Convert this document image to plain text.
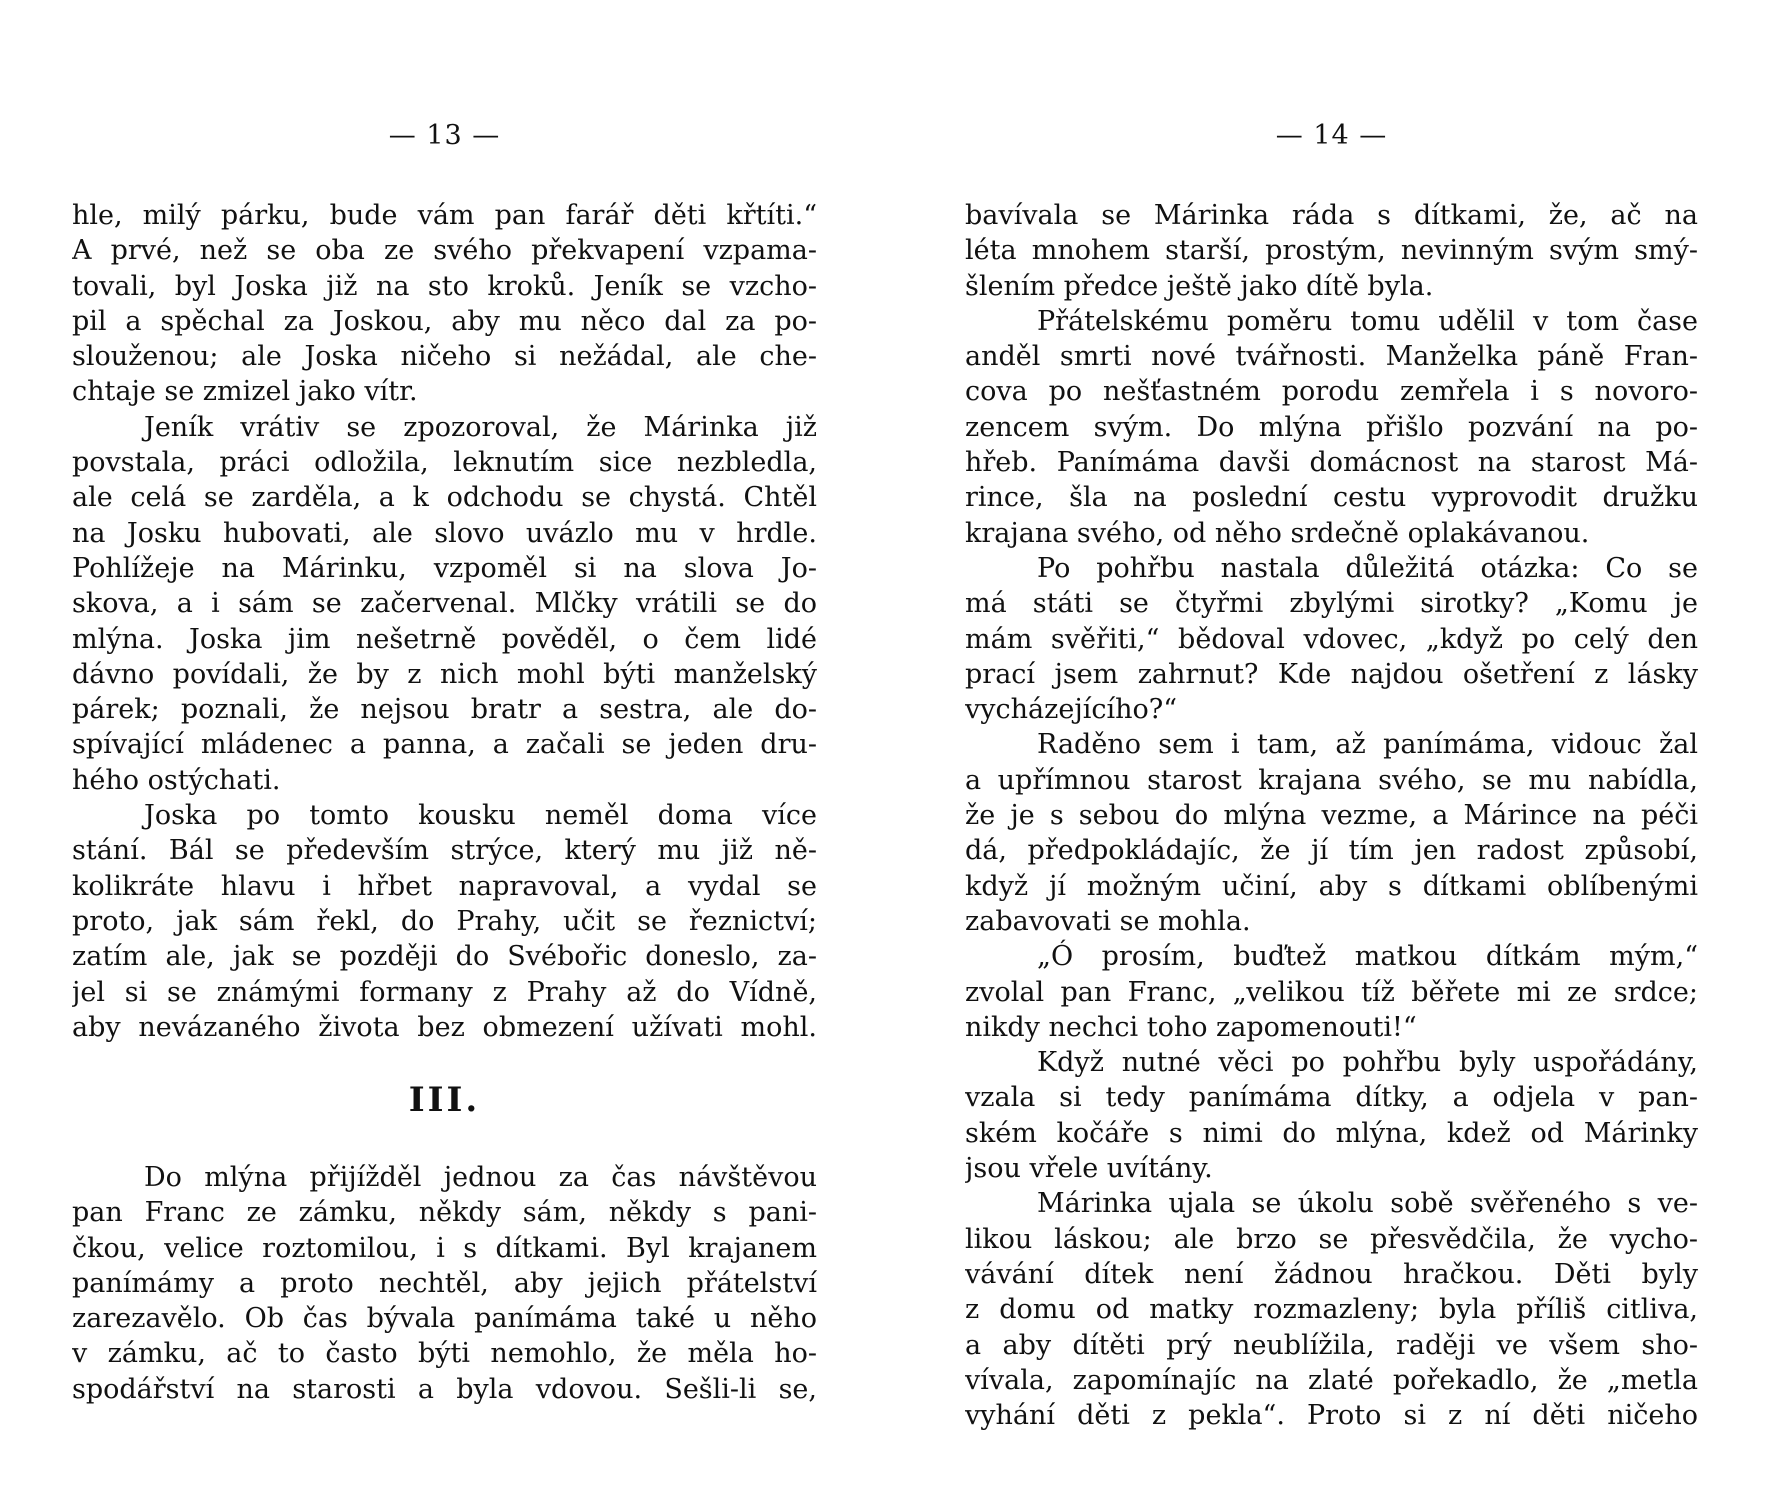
— 13 —
hle, milý párku, bude vám pan farář děti křtíti.“
A prvé, než se oba ze svého překvapení vzpama-
tovali, byl Joska již na sto kroků. Jeník se vzcho-
pil a spěchal za Joskou, aby mu něco dal za po-
slouženou; ale Joska ničeho si nežádal, ale che-
chtaje se zmizel jako vítr.
Jeník vrátiv se zpozoroval, že Márinka již
povstala, práci odložila, leknutím sice nezbledla,
ale celá se zarděla, a k odchodu se chystá. Chtěl
na Josku hubovati, ale slovo uvázlo mu v hrdle.
Pohlížeje na Márinku, vzpoměl si na slova Jo-
skova, a i sám se začervenal. Mlčky vrátili se do
mlýna. Joska jim nešetrně pověděl, o čem lidé
dávno povídali, že by z nich mohl býti manželský
párek; poznali, že nejsou bratr a sestra, ale do-
spívající mládenec a panna, a začali se jeden dru-
hého ostýchati.
Joska po tomto kousku neměl doma více
stání. Bál se především strýce, který mu již ně-
kolikráte hlavu i hřbet napravoval, a vydal se
proto, jak sám řekl, do Prahy, učit se řeznictví;
zatím ale, jak se později do Svébořic doneslo, za-
jel si se známými formany z Prahy až do Vídně,
aby nevázaného života bez obmezení užívati mohl.
III.
Do mlýna přijížděl jednou za čas návštěvou
pan Franc ze zámku, někdy sám, někdy s pani-
čkou, velice roztomilou, i s dítkami. Byl krajanem
panímámy a proto nechtěl, aby jejich přátelství
zarezavělo. Ob čas bývala panímáma také u něho
v zámku, ač to často býti nemohlo, že měla ho-
spodářství na starosti a byla vdovou. Sešli-li se,
— 14 —
bavívala se Márinka ráda s dítkami, že, ač na
léta mnohem starší, prostým, nevinným svým smý-
šlením předce ještě jako dítě byla.
Přátelskému poměru tomu udělil v tom čase
anděl smrti nové tvářnosti. Manželka páně Fran-
cova po nešťastném porodu zemřela i s novoro-
zencem svým. Do mlýna přišlo pozvání na po-
hřeb. Panímáma davši domácnost na starost Má-
rince, šla na poslední cestu vyprovodit družku
krajana svého, od něho srdečně oplakávanou.
Po pohřbu nastala důležitá otázka: Co se
má státi se čtyřmi zbylými sirotky? „Komu je
mám svěřiti,“ bědoval vdovec, „když po celý den
prací jsem zahrnut? Kde najdou ošetření z lásky
vycházejícího?“
Raděno sem i tam, až panímáma, vidouc žal
a upřímnou starost krajana svého, se mu nabídla,
že je s sebou do mlýna vezme, a Márince na péči
dá, předpokládajíc, že jí tím jen radost způsobí,
když jí možným učiní, aby s dítkami oblíbenými
zabavovati se mohla.
„Ó prosím, buďtež matkou dítkám mým,“
zvolal pan Franc, „velikou tíž běřete mi ze srdce;
nikdy nechci toho zapomenouti!“
Když nutné věci po pohřbu byly uspořádány,
vzala si tedy panímáma dítky, a odjela v pan-
ském kočáře s nimi do mlýna, kdež od Márinky
jsou vřele uvítány.
Márinka ujala se úkolu sobě svěřeného s ve-
likou láskou; ale brzo se přesvědčila, že vycho-
vávání dítek není žádnou hračkou. Děti byly
z domu od matky rozmazleny; byla příliš citliva,
a aby dítěti prý neublížila, raději ve všem sho-
vívala, zapomínajíc na zlaté pořekadlo, že „metla
vyhání děti z pekla“. Proto si z ní děti ničeho
